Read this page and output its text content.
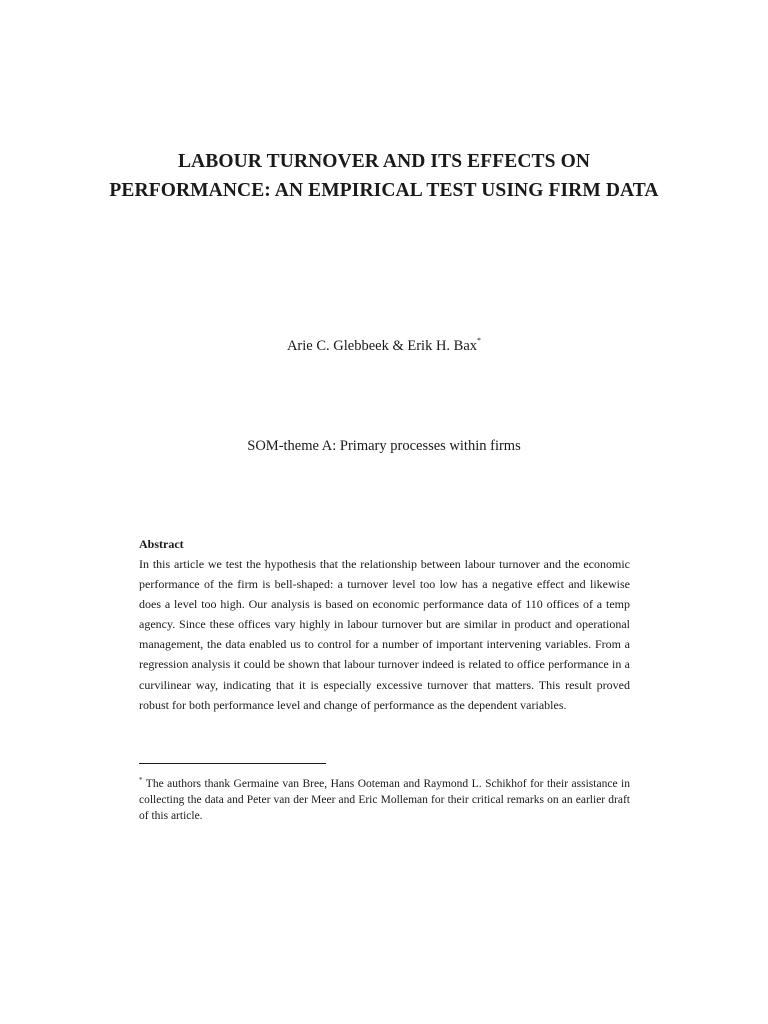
LABOUR TURNOVER AND ITS EFFECTS ON PERFORMANCE: AN EMPIRICAL TEST USING FIRM DATA
Arie C. Glebbeek & Erik H. Bax*
SOM-theme A: Primary processes within firms
Abstract
In this article we test the hypothesis that the relationship between labour turnover and the economic performance of the firm is bell-shaped: a turnover level too low has a negative effect and likewise does a level too high. Our analysis is based on economic performance data of 110 offices of a temp agency. Since these offices vary highly in labour turnover but are similar in product and operational management, the data enabled us to control for a number of important intervening variables. From a regression analysis it could be shown that labour turnover indeed is related to office performance in a curvilinear way, indicating that it is especially excessive turnover that matters. This result proved robust for both performance level and change of performance as the dependent variables.
* The authors thank Germaine van Bree, Hans Ooteman and Raymond L. Schikhof for their assistance in collecting the data and Peter van der Meer and Eric Molleman for their critical remarks on an earlier draft of this article.
